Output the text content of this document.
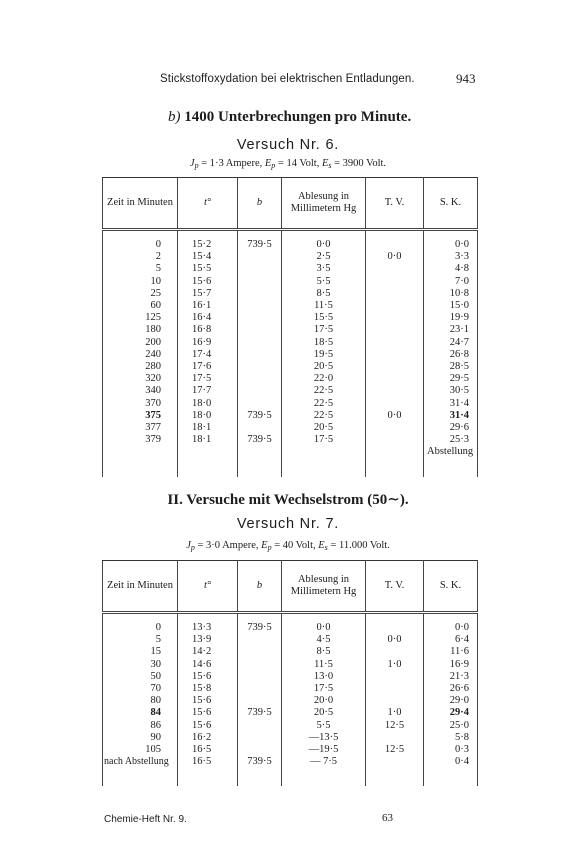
Stickstoffoxydation bei elektrischen Entladungen.	943
b) 1400 Unterbrechungen pro Minute.
Versuch Nr. 6.
$J_p = 1\cdot 3$ Ampere, $E_p = 14$ Volt, $E_s = 3900$ Volt.
Zeit in Minuten	t°	b	Ablesung in Millimetern Hg	T. V.	S. K.

0	15·2	739·5	0·0		0·0
2	15·4		2·5	0·0	3·3
5	15·5		3·5		4·8
10	15·6		5·5		7·0
25	15·7		8·5		10·8
60	16·1		11·5		15·0
125	16·4		15·5		19·9
180	16·8		17·5		23·1
200	16·9		18·5		24·7
240	17·4		19·5		26·8
280	17·6		20·5		28·5
320	17·5		22·0		29·5
340	17·7		22·5		30·5
370	18·0		22·5		31·4
375	18·0	739·5	22·5	0·0	31·4
377	18·1		20·5		29·6
379	18·1	739·5	17·5		25·3
					Abstellung

II. Versuche mit Wechselstrom (50∼).
Versuch Nr. 7.
$J_p = 3\cdot 0$ Ampere, $E_p = 40$ Volt, $E_s = 11.000$ Volt.
Zeit in Minuten	t°	b	Ablesung in Millimetern Hg	T. V.	S. K.

0	13·3	739·5	0·0		0·0
5	13·9		4·5	0·0	6·4
15	14·2		8·5		11·6
30	14·6		11·5	1·0	16·9
50	15·6		13·0		21·3
70	15·8		17·5		26·6
80	15·6		20·0		29·0
84	15·6	739·5	20·5	1·0	29·4
86	15·6		5·5	12·5	25·0
90	16·2		—13·5		5·8
105	16·5		—19·5	12·5	0·3
nach Abstellung	16·5	739·5	— 7·5		0·4

Chemie-Heft Nr. 9.	63
